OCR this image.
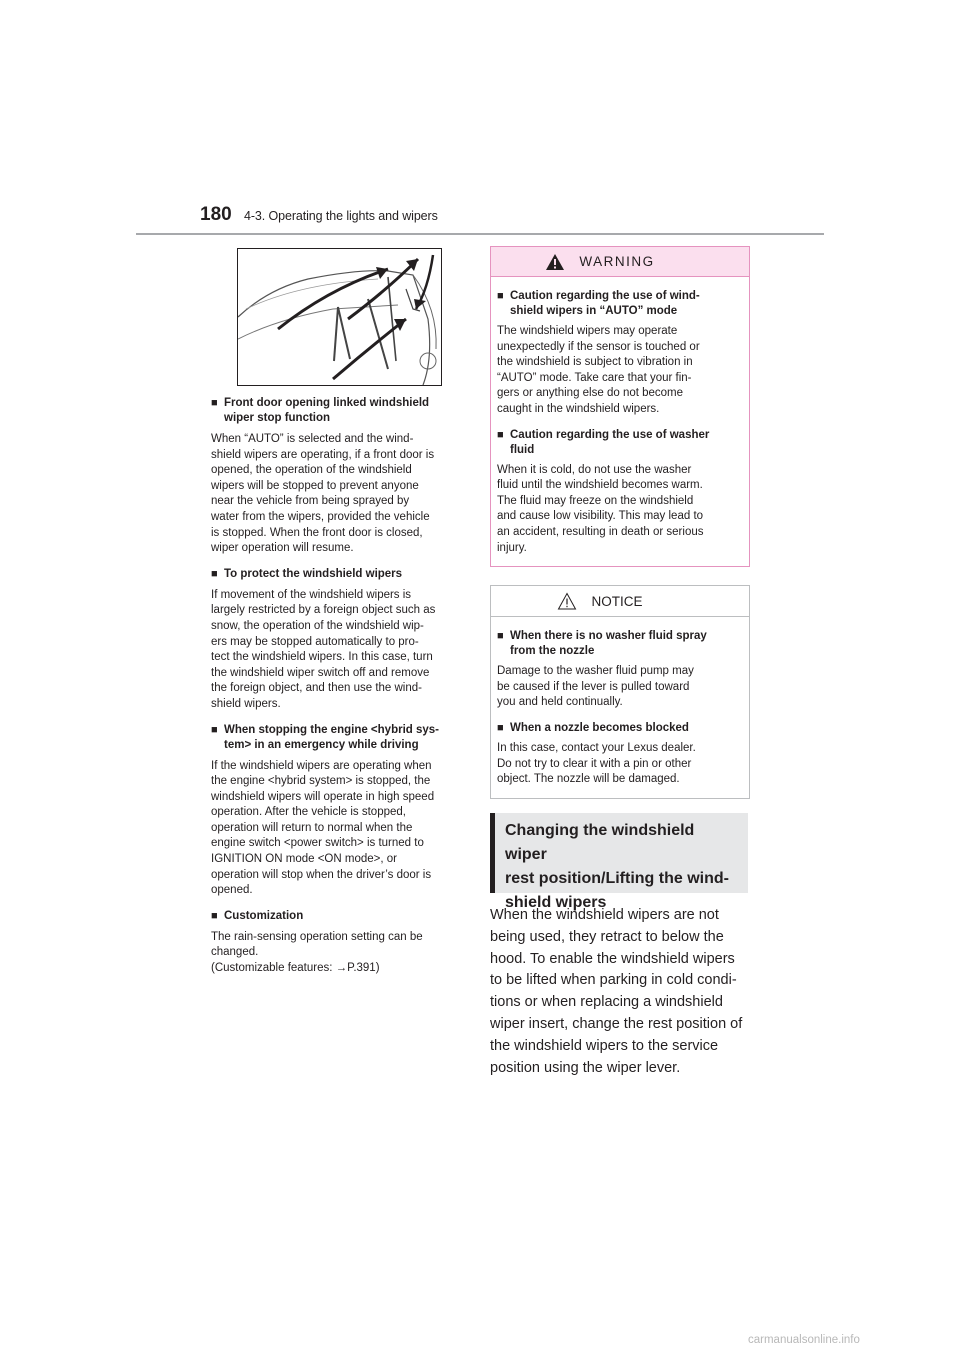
180 4-3. Operating the lights and wipers
■ Front door opening linked windshield
wiper stop function
When “AUTO” is selected and the wind-
shield wipers are operating, if a front door is
opened, the operation of the windshield
wipers will be stopped to prevent anyone
near the vehicle from being sprayed by
water from the wipers, provided the vehicle
is stopped. When the front door is closed,
wiper operation will resume.
■ To protect the windshield wipers
If movement of the windshield wipers is
largely restricted by a foreign object such as
snow, the operation of the windshield wip-
ers may be stopped automatically to pro-
tect the windshield wipers. In this case, turn
the windshield wiper switch off and remove
the foreign object, and then use the wind-
shield wipers.
■ When stopping the engine <hybrid sys-
tem> in an emergency while driving
If the windshield wipers are operating when
the engine <hybrid system> is stopped, the
windshield wipers will operate in high speed
operation. After the vehicle is stopped,
operation will return to normal when the
engine switch <power switch> is turned to
IGNITION ON mode <ON mode>, or
operation will stop when the driver’s door is
opened.
■ Customization
The rain-sensing operation setting can be
changed.
(Customizable features: →P.391)
WARNING
■ Caution regarding the use of wind-
shield wipers in “AUTO” mode
The windshield wipers may operate
unexpectedly if the sensor is touched or
the windshield is subject to vibration in
“AUTO” mode. Take care that your fin-
gers or anything else do not become
caught in the windshield wipers.
■ Caution regarding the use of washer
fluid
When it is cold, do not use the washer
fluid until the windshield becomes warm.
The fluid may freeze on the windshield
and cause low visibility. This may lead to
an accident, resulting in death or serious
injury.
NOTICE
■ When there is no washer fluid spray
from the nozzle
Damage to the washer fluid pump may
be caused if the lever is pulled toward
you and held continually.
■ When a nozzle becomes blocked
In this case, contact your Lexus dealer.
Do not try to clear it with a pin or other
object. The nozzle will be damaged.
Changing the windshield wiper
rest position/Lifting the wind-
shield wipers
When the windshield wipers are not
being used, they retract to below the
hood. To enable the windshield wipers
to be lifted when parking in cold condi-
tions or when replacing a windshield
wiper insert, change the rest position of
the windshield wipers to the service
position using the wiper lever.
carmanualsonline.info
